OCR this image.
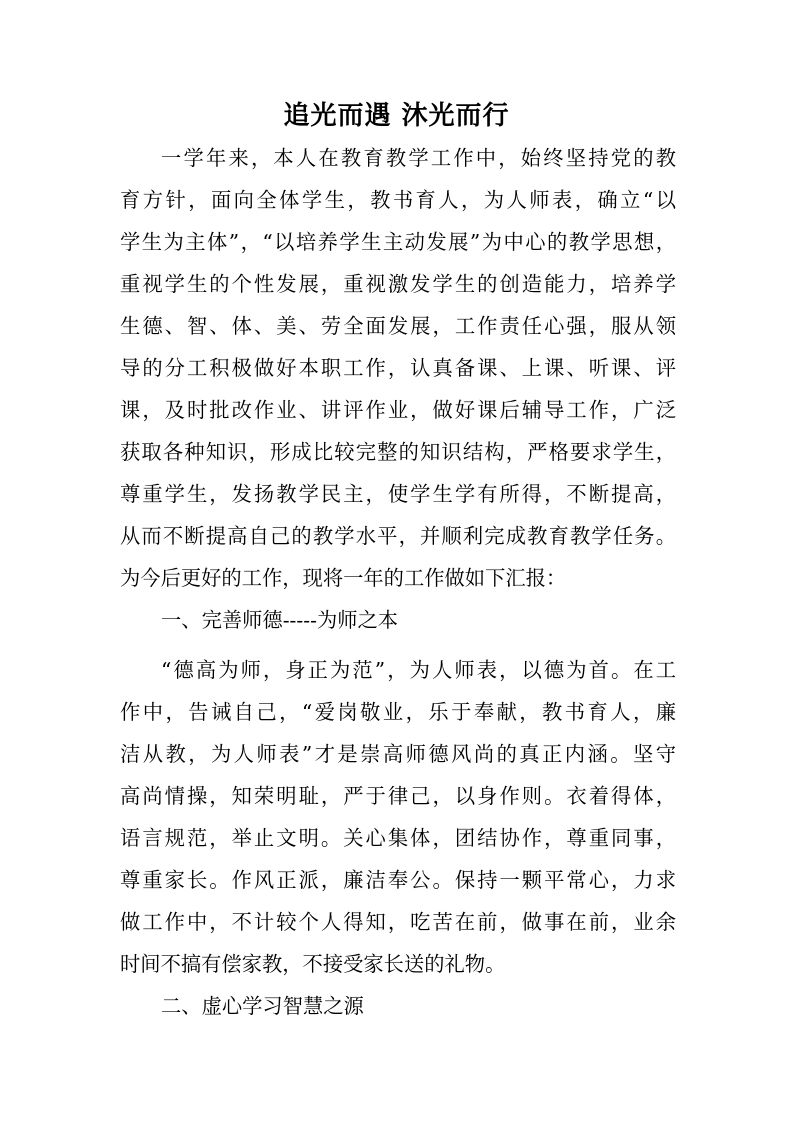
追光而遇 沐光而行
一学年来，本人在教育教学工作中，始终坚持党的教
育方针，面向全体学生，教书育人，为人师表，确立“以
学生为主体”，“以培养学生主动发展”为中心的教学思想，
重视学生的个性发展，重视激发学生的创造能力，培养学
生德、智、体、美、劳全面发展，工作责任心强，服从领
导的分工积极做好本职工作，认真备课、上课、听课、评
课，及时批改作业、讲评作业，做好课后辅导工作，广泛
获取各种知识，形成比较完整的知识结构，严格要求学生，
尊重学生，发扬教学民主，使学生学有所得，不断提高，
从而不断提高自己的教学水平，并顺利完成教育教学任务。
为今后更好的工作，现将一年的工作做如下汇报：
一、完善师德-----为师之本
“德高为师，身正为范”，为人师表，以德为首。在工
作中，告诫自己，“爱岗敬业，乐于奉献，教书育人，廉
洁从教，为人师表”才是崇高师德风尚的真正内涵。坚守
高尚情操，知荣明耻，严于律己，以身作则。衣着得体，
语言规范，举止文明。关心集体，团结协作，尊重同事，
尊重家长。作风正派，廉洁奉公。保持一颗平常心，力求
做工作中，不计较个人得知，吃苦在前，做事在前，业余
时间不搞有偿家教，不接受家长送的礼物。
二、虚心学习智慧之源
